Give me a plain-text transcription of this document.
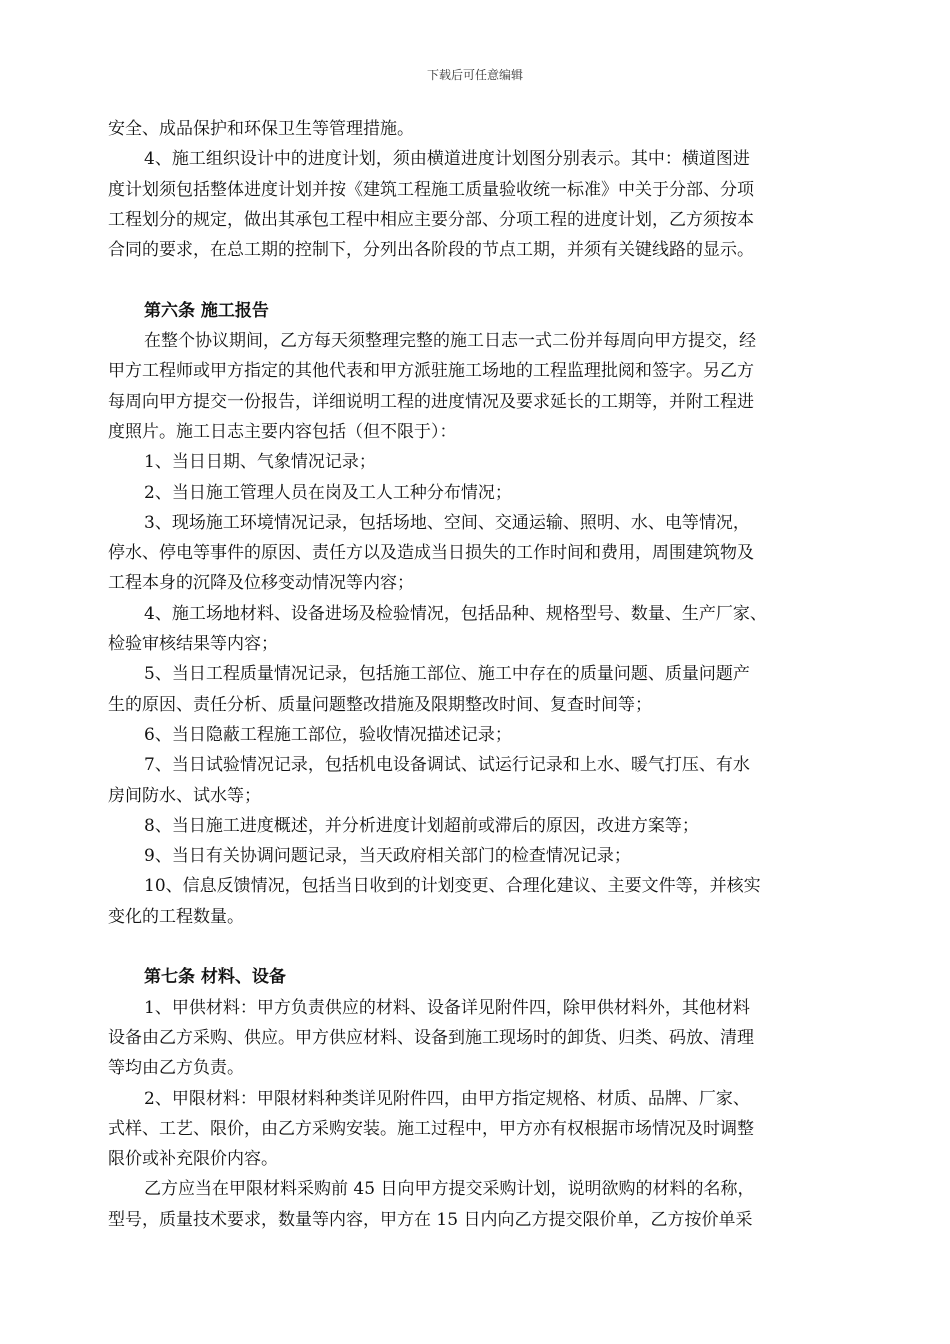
下载后可任意编辑
安全、成品保护和环保卫生等管理措施。
4、施工组织设计中的进度计划，须由横道进度计划图分别表示。其中：横道图进
度计划须包括整体进度计划并按《建筑工程施工质量验收统一标准》中关于分部、分项
工程划分的规定，做出其承包工程中相应主要分部、分项工程的进度计划，乙方须按本
合同的要求，在总工期的控制下，分列出各阶段的节点工期，并须有关键线路的显示。
第六条 施工报告
在整个协议期间，乙方每天须整理完整的施工日志一式二份并每周向甲方提交，经
甲方工程师或甲方指定的其他代表和甲方派驻施工场地的工程监理批阅和签字。另乙方
每周向甲方提交一份报告，详细说明工程的进度情况及要求延长的工期等，并附工程进
度照片。施工日志主要内容包括（但不限于）：
1、当日日期、气象情况记录；
2、当日施工管理人员在岗及工人工种分布情况；
3、现场施工环境情况记录，包括场地、空间、交通运输、照明、水、电等情况，
停水、停电等事件的原因、责任方以及造成当日损失的工作时间和费用，周围建筑物及
工程本身的沉降及位移变动情况等内容；
4、施工场地材料、设备进场及检验情况，包括品种、规格型号、数量、生产厂家、
检验审核结果等内容；
5、当日工程质量情况记录，包括施工部位、施工中存在的质量问题、质量问题产
生的原因、责任分析、质量问题整改措施及限期整改时间、复查时间等；
6、当日隐蔽工程施工部位，验收情况描述记录；
7、当日试验情况记录，包括机电设备调试、试运行记录和上水、暖气打压、有水
房间防水、试水等；
8、当日施工进度概述，并分析进度计划超前或滞后的原因，改进方案等；
9、当日有关协调问题记录，当天政府相关部门的检查情况记录；
10、信息反馈情况，包括当日收到的计划变更、合理化建议、主要文件等，并核实
变化的工程数量。
第七条 材料、设备
1、甲供材料：甲方负责供应的材料、设备详见附件四，除甲供材料外，其他材料
设备由乙方采购、供应。甲方供应材料、设备到施工现场时的卸货、归类、码放、清理
等均由乙方负责。
2、甲限材料：甲限材料种类详见附件四，由甲方指定规格、材质、品牌、厂家、
式样、工艺、限价，由乙方采购安装。施工过程中，甲方亦有权根据市场情况及时调整
限价或补充限价内容。
乙方应当在甲限材料采购前 45 日向甲方提交采购计划，说明欲购的材料的名称，
型号，质量技术要求，数量等内容，甲方在 15 日内向乙方提交限价单，乙方按价单采
